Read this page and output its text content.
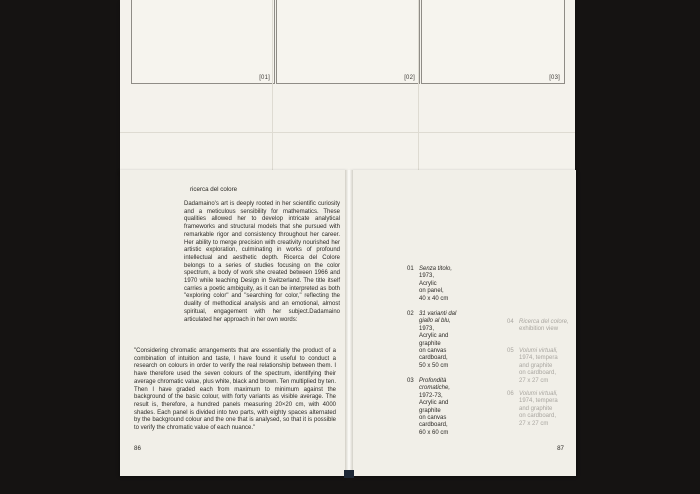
[01]	[02]	[03]
ricerca del colore

Dadamaino's art is deeply rooted in her scientific curiosity and a meticulous sensibility for mathematics. These qualities allowed her to develop intricate analytical frameworks and structural models that she pursued with remarkable rigor and consistency throughout her career. Her ability to merge precision with creativity nourished her artistic exploration, culminating in works of profound intellectual and aesthetic depth. Ricerca del Colore belongs to a series of studies focusing on the color spectrum, a body of work she created between 1966 and 1970 while teaching Design in Switzerland. The title itself carries a poetic ambiguity, as it can be interpreted as both "exploring color" and "searching for color," reflecting the duality of methodical analysis and an emotional, almost spiritual, engagement with her subject.Dadamaino articulated her approach in her own words:

"Considering chromatic arrangements that are essentially the product of a combination of intuition and taste, I have found it useful to conduct a research on colours in order to verify the real relationship between them. I have therefore used the seven colours of the spectrum, identifying their average chromatic value, plus white, black and brown. Ten multiplied by ten. Then I have graded each from maximum to minimum against the background of the basic colour, with forty variants as visible average. The result is, therefore, a hundred panels measuring 20×20 cm, with 4000 shades. Each panel is divided into two parts, with eighty spaces alternated by the background colour and the one that is analysed, so that it is possible to verify the chromatic value of each nuance."

86
01 Senza titolo,
1973,
Acrylic
on panel,
40 x 40 cm
02 31 varianti dal giallo al blu,
1973,
Acrylic and
graphite
on canvas
cardboard,
50 x 50 cm
03 Profondità cromatiche,
1972-73,
Acrylic and
graphite
on canvas
cardboard,
60 x 60 cm
04 Ricerca del colore,
exhibition view
05 Volumi virtuali,
1974, tempera
and graphite
on cardboard,
27 x 27 cm
06 Volumi virtuali,
1974, tempera
and graphite
on cardboard,
27 x 27 cm
87
